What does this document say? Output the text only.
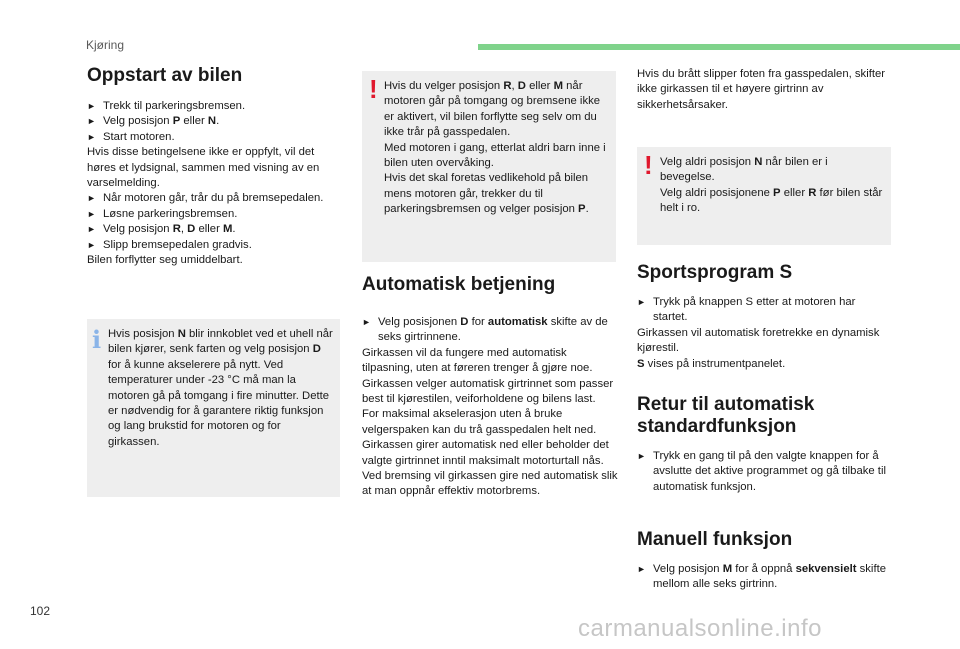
Kjøring
Oppstart av bilen
► Trekk til parkeringsbremsen.
► Velg posisjon P eller N.
► Start motoren.

Hvis disse betingelsene ikke er oppfylt, vil det høres et lydsignal, sammen med visning av en varselmelding.

► Når motoren går, trår du på bremsepedalen.
► Løsne parkeringsbremsen.
► Velg posisjon R, D eller M.
► Slipp bremsepedalen gradvis.

Bilen forflytter seg umiddelbart.

i Hvis posisjon N blir innkoblet ved et uhell når bilen kjører, senk farten og velg posisjon D for å kunne akselerere på nytt. Ved temperaturer under -23 °C må man la motoren gå på tomgang i fire minutter. Dette er nødvendig for å garantere riktig funksjon og lang brukstid for motoren og for girkassen.
! Hvis du velger posisjon R, D eller M når motoren går på tomgang og bremsene ikke er aktivert, vil bilen forflytte seg selv om du ikke trår på gasspedalen.

Med motoren i gang, etterlat aldri barn inne i bilen uten overvåking.

Hvis det skal foretas vedlikehold på bilen mens motoren går, trekker du til parkeringsbremsen og velger posisjon P.

Automatisk betjening
► Velg posisjonen D for automatisk skifte av de seks girtrinnene.

Girkassen vil da fungere med automatisk tilpasning, uten at føreren trenger å gjøre noe. Girkassen velger automatisk girtrinnet som passer best til kjørestilen, veiforholdene og bilens last.

For maksimal akselerasjon uten å bruke velgerspaken kan du trå gasspedalen helt ned. Girkassen girer automatisk ned eller beholder det valgte girtrinnet inntil maksimalt motorturtall nås.

Ved bremsing vil girkassen gire ned automatisk slik at man oppnår effektiv motorbrems.

Hvis du brått slipper foten fra gasspedalen, skifter ikke girkassen til et høyere girtrinn av sikkerhetsårsaker.

! Velg aldri posisjon N når bilen er i bevegelse.

Velg aldri posisjonene P eller R før bilen står helt i ro.

Sportsprogram S
► Trykk på knappen S etter at motoren har startet.

Girkassen vil automatisk foretrekke en dynamisk kjørestil.

S vises på instrumentpanelet.

Retur til automatisk
standardfunksjon
► Trykk en gang til på den valgte knappen for å avslutte det aktive programmet og gå tilbake til automatisk funksjon.
Manuell funksjon
► Velg posisjon M for å oppnå sekvensielt skifte mellom alle seks girtrinn.
102
carmanualsonline.info
